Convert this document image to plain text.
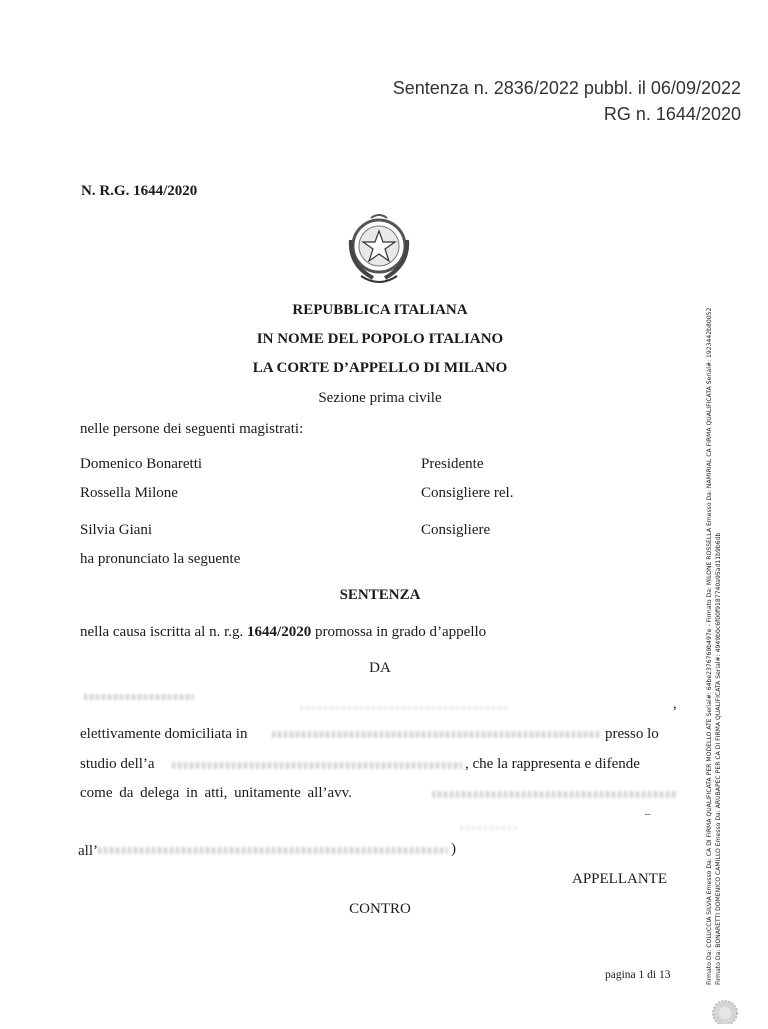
Sentenza n. 2836/2022 pubbl. il 06/09/2022
RG n. 1644/2020
N. R.G. 1644/2020
REPUBBLICA ITALIANA
IN NOME DEL POPOLO ITALIANO
LA CORTE D’APPELLO DI MILANO
Sezione prima civile
nelle persone dei seguenti magistrati:
Domenico Bonaretti	Presidente
Rossella Milone	Consigliere rel.
Silvia Giani	Consigliere
ha pronunciato la seguente
SENTENZA
nella causa iscritta al n. r.g. 1644/2020 promossa in grado d’appello
DA
,
elettivamente domiciliata in	presso lo
studio dell’a	, che la rappresenta e difende
come da delega in atti, unitamente all’avv.
–
all’	)
APPELLANTE
CONTRO
pagina 1 di 13	Firmato Da: COLUCCIA SILVIA Emesso Da: CA DI FIRMA QUALIFICATA PER MODELLO ATE Serial#: 64be2376769b497e - Firmato Da: MILONE ROSSELLA Emesso Da: NAMIRIAL CA FIRMA QUALIFICATA Serial#: 1923442b80052 Firmato Da: BONARETTI DOMENICO CAMILLO Emesso Da: ARUBAPEC PER CA DI FIRMA QUALIFICATA Serial#: 4949b0c6f00f9187740a95ad11b9b6db
